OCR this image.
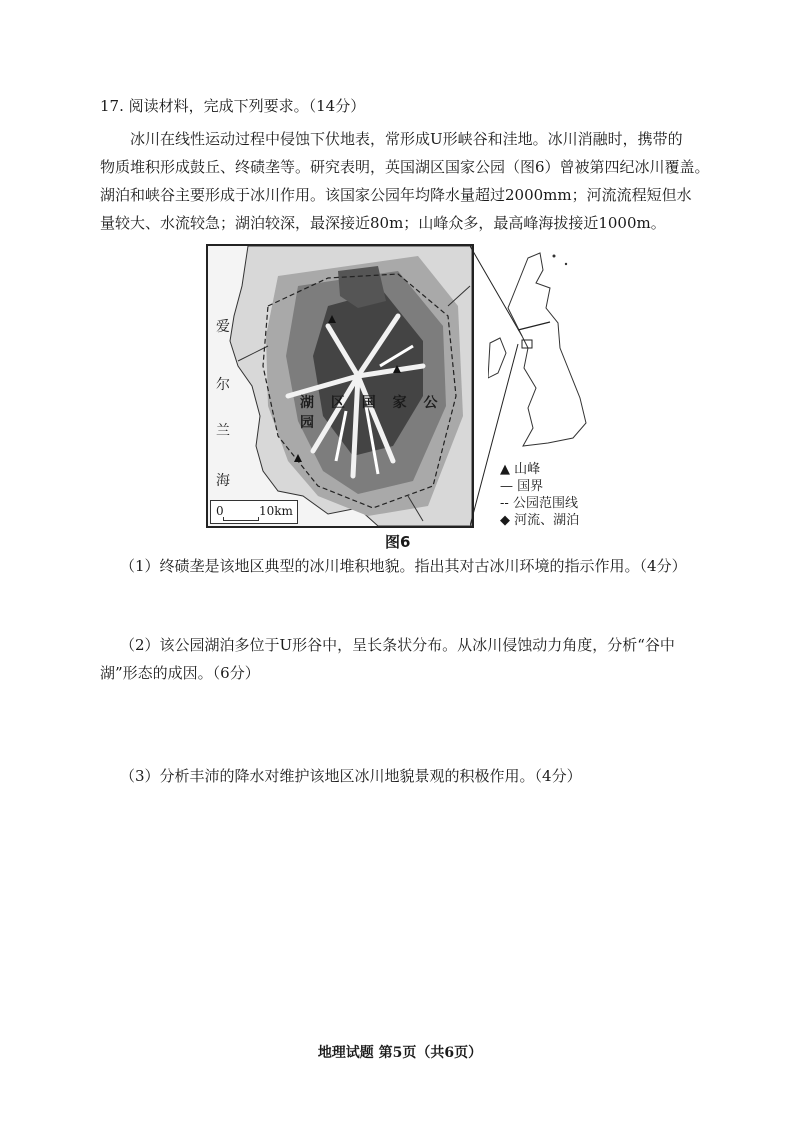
17. 阅读材料，完成下列要求。（14分）
冰川在线性运动过程中侵蚀下伏地表，常形成U形峡谷和洼地。冰川消融时，携带的
物质堆积形成鼓丘、终碛垄等。研究表明，英国湖区国家公园（图6）曾被第四纪冰川覆盖。
湖泊和峡谷主要形成于冰川作用。该国家公园年均降水量超过2000mm；河流流程短但水
量较大、水流较急；湖泊较深，最深接近80m；山峰众多，最高峰海拔接近1000m。
爱
尔
兰
海
湖 区 国 家 公 园
0	10km
▲ 山峰
— 国界
-- 公园范围线
◆ 河流、湖泊
图6
（1）终碛垄是该地区典型的冰川堆积地貌。指出其对古冰川环境的指示作用。（4分）
（2）该公园湖泊多位于U形谷中，呈长条状分布。从冰川侵蚀动力角度，分析“谷中
湖”形态的成因。（6分）
（3）分析丰沛的降水对维护该地区冰川地貌景观的积极作用。（4分）
地理试题 第5页（共6页）
